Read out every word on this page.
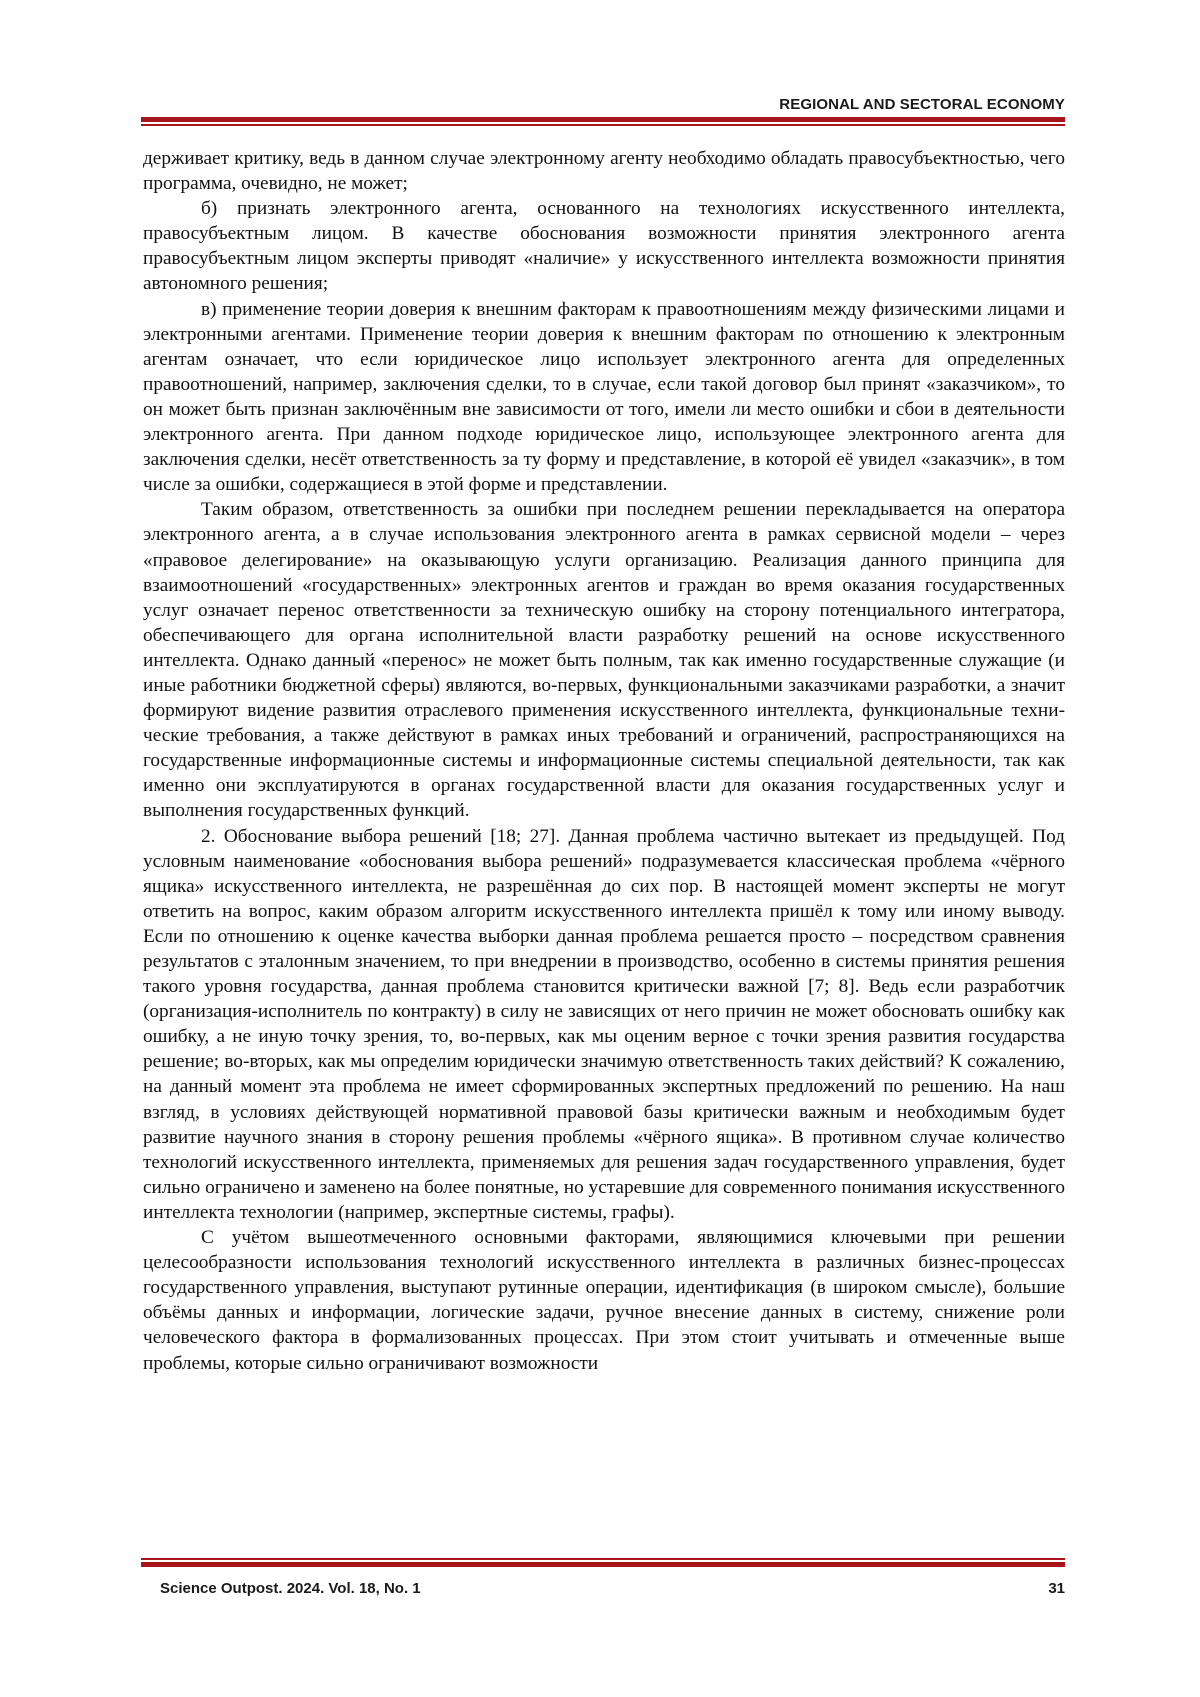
REGIONAL AND SECTORAL ECONOMY

держивает критику, ведь в данном случае электронному агенту необходимо обладать правосубъектностью, чего программа, очевидно, не может;

б) признать электронного агента, основанного на технологиях искусственного интеллекта, правосубъектным лицом. В качестве обоснования возможности принятия электронного агента правосубъектным лицом эксперты приводят «наличие» у искусственного интеллекта возможности принятия автономного решения;

в) применение теории доверия к внешним факторам к правоотношениям между физическими лицами и электронными агентами. Применение теории доверия к внешним факторам по отношению к электронным агентам означает, что если юридическое лицо использует электронного агента для определенных правоотношений, например, заключения сделки, то в случае, если такой договор был принят «заказчиком», то он может быть признан заключённым вне зависимости от того, имели ли место ошибки и сбои в деятельности электронного агента. При данном подходе юридическое лицо, использующее электронного агента для заключения сделки, несёт ответственность за ту форму и представление, в которой её увидел «заказчик», в том числе за ошибки, содержащиеся в этой форме и представлении.

Таким образом, ответственность за ошибки при последнем решении перекладывается на оператора электронного агента, а в случае использования электронного агента в рамках сервисной модели – через «правовое делегирование» на оказывающую услуги организацию. Реализация данного принципа для взаимоотношений «государственных» электронных агентов и граждан во время оказания государственных услуг означает перенос ответственности за техническую ошибку на сторону потенциального интегратора, обеспечивающего для органа исполнительной власти разработку решений на основе искусственного интеллекта. Однако данный «перенос» не может быть полным, так как именно государственные служащие (и иные работники бюджетной сферы) являются, во-первых, функциональными заказчиками разработки, а значит формируют видение развития отраслевого применения искусственного интеллекта, функциональные технические требования, а также действуют в рамках иных требований и ограничений, распространяющихся на государственные информационные системы и информационные системы специальной деятельности, так как именно они эксплуатируются в органах государственной власти для оказания государственных услуг и выполнения государственных функций.

2. Обоснование выбора решений [18; 27]. Данная проблема частично вытекает из предыдущей. Под условным наименование «обоснования выбора решений» подразумевается классическая проблема «чёрного ящика» искусственного интеллекта, не разрешённая до сих пор. В настоящей момент эксперты не могут ответить на вопрос, каким образом алгоритм искусственного интеллекта пришёл к тому или иному выводу. Если по отношению к оценке качества выборки данная проблема решается просто – посредством сравнения результатов с эталонным значением, то при внедрении в производство, особенно в системы принятия решения такого уровня государства, данная проблема становится критически важной [7; 8]. Ведь если разработчик (организация-исполнитель по контракту) в силу не зависящих от него причин не может обосновать ошибку как ошибку, а не иную точку зрения, то, во-первых, как мы оценим верное с точки зрения развития государства решение; во-вторых, как мы определим юридически значимую ответственность таких действий? К сожалению, на данный момент эта проблема не имеет сформированных экспертных предложений по решению. На наш взгляд, в условиях действующей нормативной правовой базы критически важным и необходимым будет развитие научного знания в сторону решения проблемы «чёрного ящика». В противном случае количество технологий искусственного интеллекта, применяемых для решения задач государственного управления, будет сильно ограничено и заменено на более понятные, но устаревшие для современного понимания искусственного интеллекта технологии (например, экспертные системы, графы).

С учётом вышеотмеченного основными факторами, являющимися ключевыми при решении целесообразности использования технологий искусственного интеллекта в различных бизнес-процессах государственного управления, выступают рутинные операции, идентификация (в широком смысле), большие объёмы данных и информации, логические задачи, ручное внесение данных в систему, снижение роли человеческого фактора в формализованных процессах. При этом стоит учитывать и отмеченные выше проблемы, которые сильно ограничивают возможности

Science Outpost. 2024. Vol. 18, No. 1	31
